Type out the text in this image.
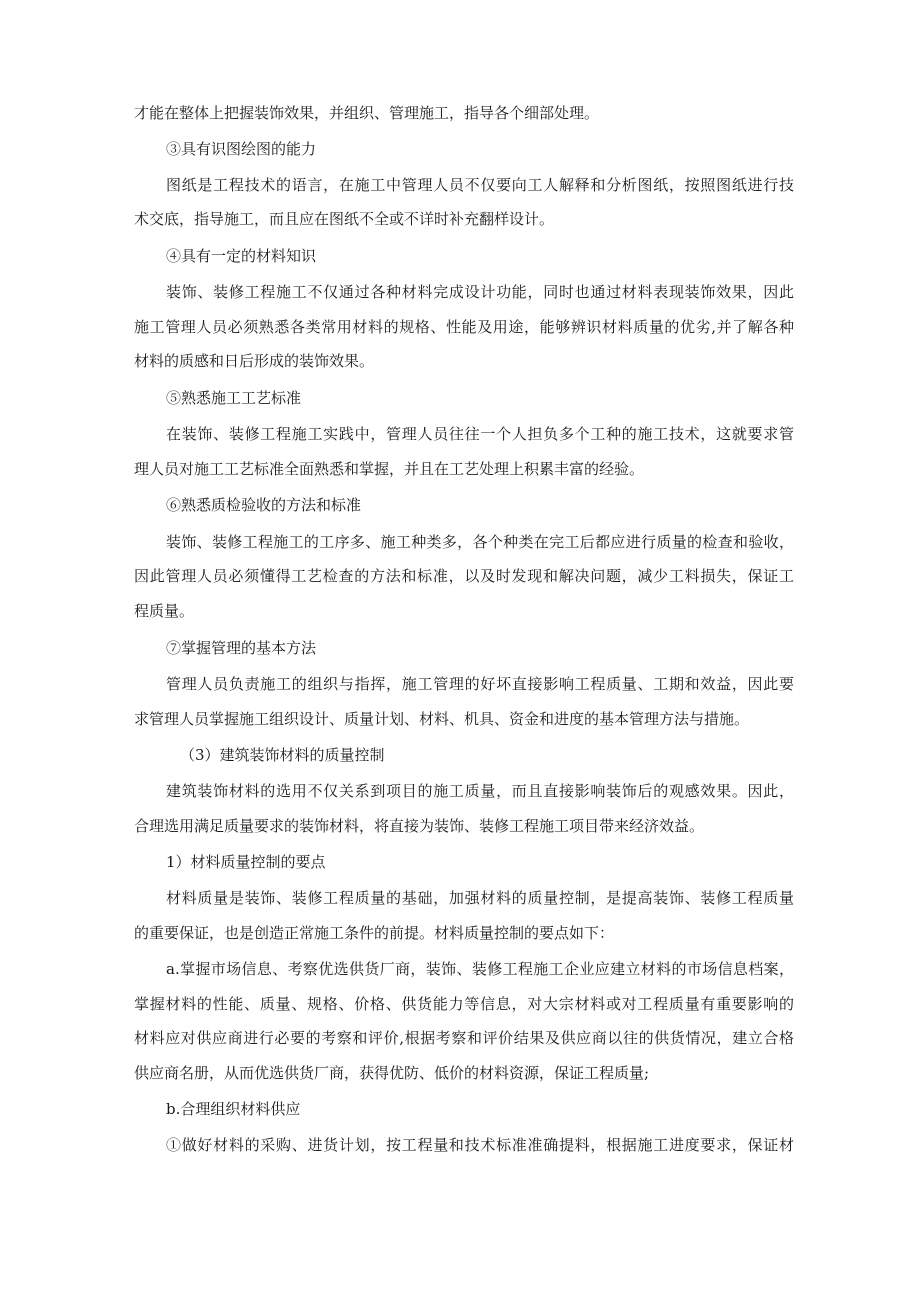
才能在整体上把握装饰效果，并组织、管理施工，指导各个细部处理。
③具有识图绘图的能力
图纸是工程技术的语言，在施工中管理人员不仅要向工人解释和分析图纸，按照图纸进行技
术交底，指导施工，而且应在图纸不全或不详时补充翻样设计。
④具有一定的材料知识
装饰、装修工程施工不仅通过各种材料完成设计功能，同时也通过材料表现装饰效果，因此
施工管理人员必须熟悉各类常用材料的规格、性能及用途，能够辨识材料质量的优劣,并了解各种
材料的质感和日后形成的装饰效果。
⑤熟悉施工工艺标准
在装饰、装修工程施工实践中，管理人员往往一个人担负多个工种的施工技术，这就要求管
理人员对施工工艺标准全面熟悉和掌握，并且在工艺处理上积累丰富的经验。
⑥熟悉质检验收的方法和标准
装饰、装修工程施工的工序多、施工种类多，各个种类在完工后都应进行质量的检查和验收，
因此管理人员必须懂得工艺检查的方法和标准，以及时发现和解决问题，减少工料损失，保证工
程质量。
⑦掌握管理的基本方法
管理人员负责施工的组织与指挥，施工管理的好坏直接影响工程质量、工期和效益，因此要
求管理人员掌握施工组织设计、质量计划、材料、机具、资金和进度的基本管理方法与措施。
（3）建筑装饰材料的质量控制
建筑装饰材料的选用不仅关系到项目的施工质量，而且直接影响装饰后的观感效果。因此，
合理选用满足质量要求的装饰材料，将直接为装饰、装修工程施工项目带来经济效益。
1）材料质量控制的要点
材料质量是装饰、装修工程质量的基础，加强材料的质量控制，是提高装饰、装修工程质量
的重要保证，也是创造正常施工条件的前提。材料质量控制的要点如下：
a.掌握市场信息、考察优选供货厂商，装饰、装修工程施工企业应建立材料的市场信息档案，
掌握材料的性能、质量、规格、价格、供货能力等信息，对大宗材料或对工程质量有重要影响的
材料应对供应商进行必要的考察和评价,根据考察和评价结果及供应商以往的供货情况，建立合格
供应商名册，从而优选供货厂商，获得优防、低价的材料资源，保证工程质量;
b.合理组织材料供应
①做好材料的采购、进货计划，按工程量和技术标准准确提料，根据施工进度要求，保证材
